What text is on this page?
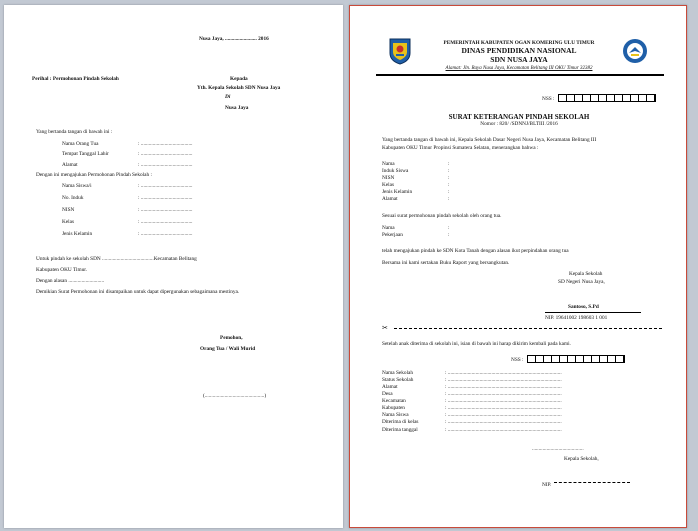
Nusa Jaya, ........................ 2016
Perihal : Permohonan Pindah Sekolah	Kepada
Yth. Kepala Sekolah SDN Nusa Jaya
Di
Nusa Jaya
Yang bertanda tangan di bawah ini :
Nama Orang Tua	: .......................................
Tempat Tanggal Lahir	: .......................................
Alamat	: .......................................
Dengan ini mengajukan Permohonan Pindah Sekolah :
Nama Siswa/i	: .......................................
No. Induk	: .......................................
NISN	: .......................................
Kelas	: .......................................
Jenis Kelamin	: .......................................
Untuk pindah ke sekolah SDN .......................................Kecamatan Belitang
Kabupaten OKU Timur.
Dengan alasan ...........................
Demikian Surat Permohonan ini disampaikan untuk dapat dipergunakan sebagaimana mestinya.
Pemohon,
Orang Tua / Wali Murid
(.............................................)
PEMERINTAH KABUPATEN OGAN KOMERING ULU TIMUR
DINAS PENDIDIKAN NASIONAL
SDN NUSA JAYA
Alamat: Jln. Raya Nusa Jaya, Kecamatan Belitang III OKU Timur 32382
NSS :
SURAT KETERANGAN PINDAH SEKOLAH
Nomor : 820/ /SDNNJ/BLTIII /2016
Yang bertanda tangan di bawah ini, Kepala Sekolah Dasar Negeri Nusa Jaya, Kecamatan Belitang III
Kabupaten OKU Timur Propinsi Sumatera Selatan, menerangkan bahwa :
Nama	:
Induk Siswa	:
NISN	:
Kelas	:
Jenis Kelamin	:
Alamat	:
Sesuai surat permohonan pindah sekolah oleh orang tua.
Nama	:
Pekerjaan	:
telah mengajukan pindah ke SDN Kota Tanah dengan alasan ikut perpindahan orang tua
Bersama ini kami sertakan Buku Raport yang bersangkutan.
Kepala Sekolah
SD Negeri Nusa Jaya,
Santoso, S.Pd
NIP. 19641002 198603 1 001
✂
Setelah anak diterima di sekolah ini, isian di bawah ini harap dikirim kembali pada kami.
NSS :
Nama Sekolah	: ......................................................................................
Status Sekolah	: ......................................................................................
Alamat	: ......................................................................................
Desa	: ......................................................................................
Kecamatan	: ......................................................................................
Kabupaten	: ......................................................................................
Nama Siswa	: ......................................................................................
Diterima di kelas	: ......................................................................................
Diterima tanggal	: ......................................................................................
.......................................
Kepala Sekolah,
NIP.
